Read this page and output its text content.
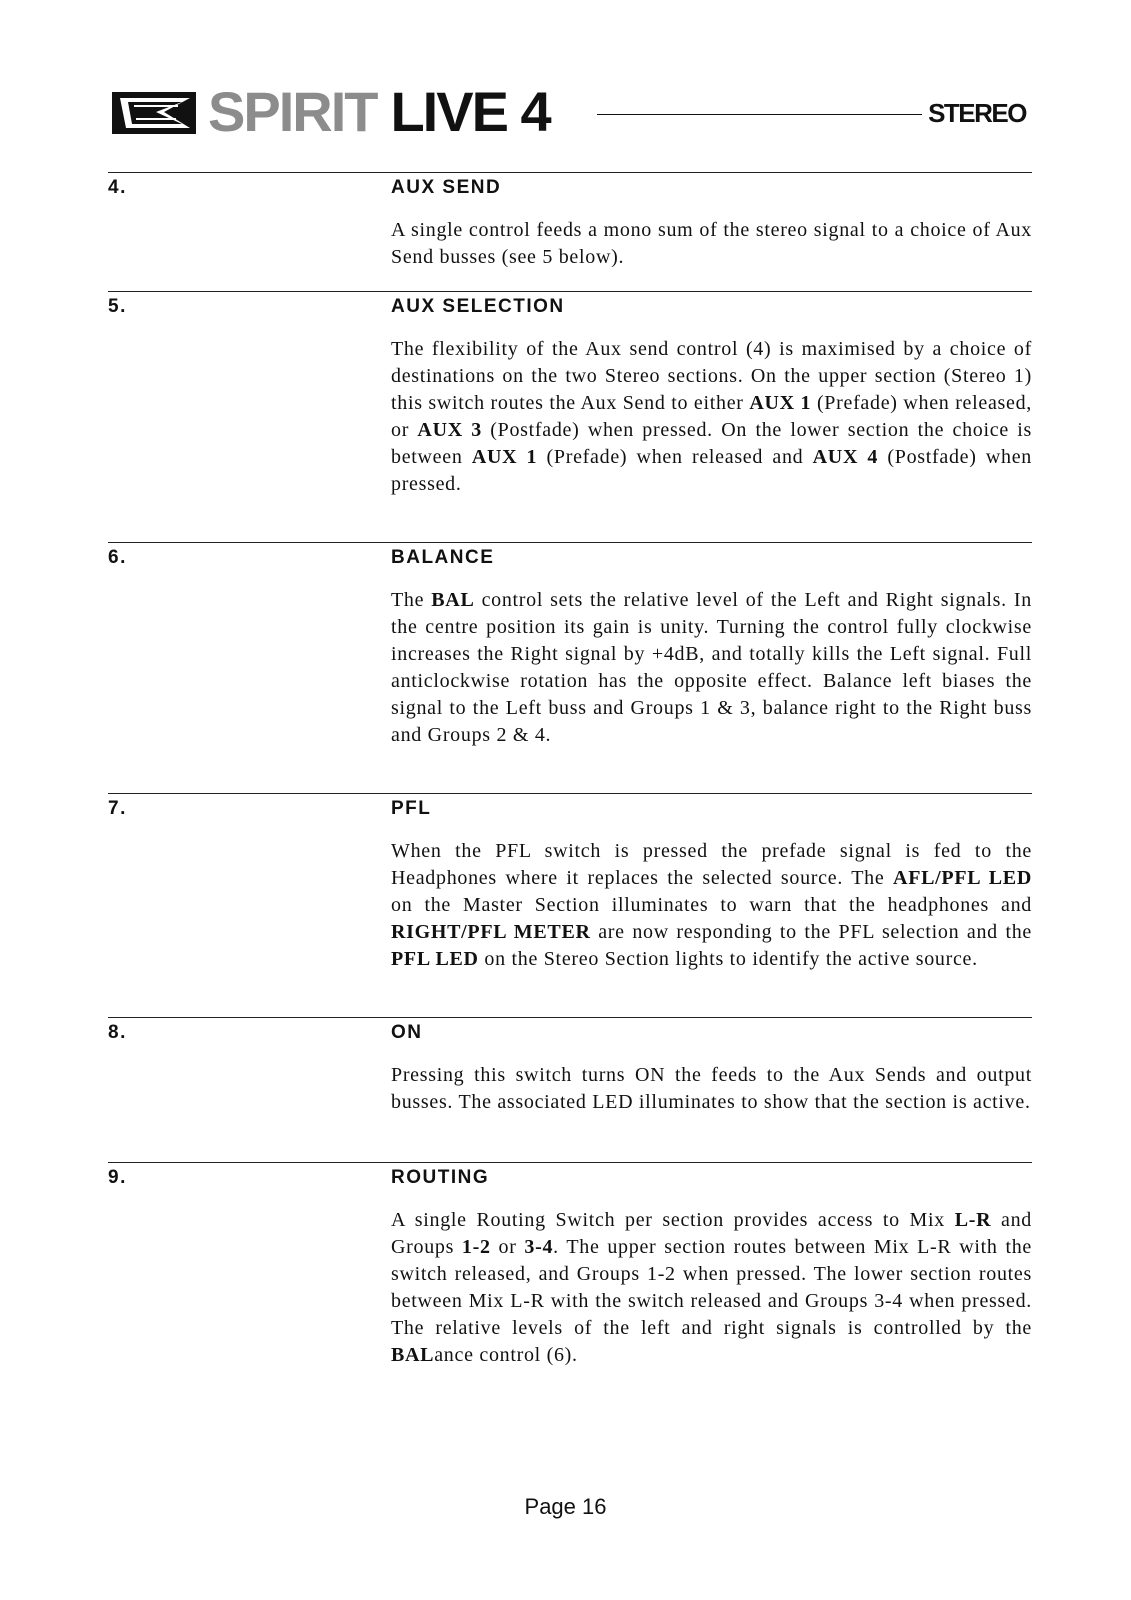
SPIRIT LIVE 4	STEREO
4.	AUX SEND

A single control feeds a mono sum of the stereo signal to a choice of Aux Send busses (see 5 below).

5.	AUX SELECTION

The flexibility of the Aux send control (4) is maximised by a choice of destinations on the two Stereo sections. On the upper section (Stereo 1) this switch routes the Aux Send to either AUX 1 (Prefade) when released, or AUX 3 (Postfade) when pressed. On the lower section the choice is between AUX 1 (Prefade) when released and AUX 4 (Postfade) when pressed.

6.	BALANCE

The BAL control sets the relative level of the Left and Right signals. In the centre position its gain is unity. Turning the control fully clockwise increases the Right signal by +4dB, and totally kills the Left signal. Full anticlockwise rotation has the opposite effect. Balance left biases the signal to the Left buss and Groups 1 & 3, balance right to the Right buss and Groups 2 & 4.

7.	PFL

When the PFL switch is pressed the prefade signal is fed to the Headphones where it replaces the selected source. The AFL/PFL LED on the Master Section illuminates to warn that the headphones and RIGHT/PFL METER are now responding to the PFL selection and the PFL LED on the Stereo Section lights to identify the active source.

8.	ON

Pressing this switch turns ON the feeds to the Aux Sends and output busses. The associated LED illuminates to show that the section is active.

9.	ROUTING

A single Routing Switch per section provides access to Mix L-R and Groups 1-2 or 3-4. The upper section routes between Mix L-R with the switch released, and Groups 1-2 when pressed. The lower section routes between Mix L-R with the switch released and Groups 3-4 when pressed. The relative levels of the left and right signals is controlled by the BALance control (6).

Page 16
